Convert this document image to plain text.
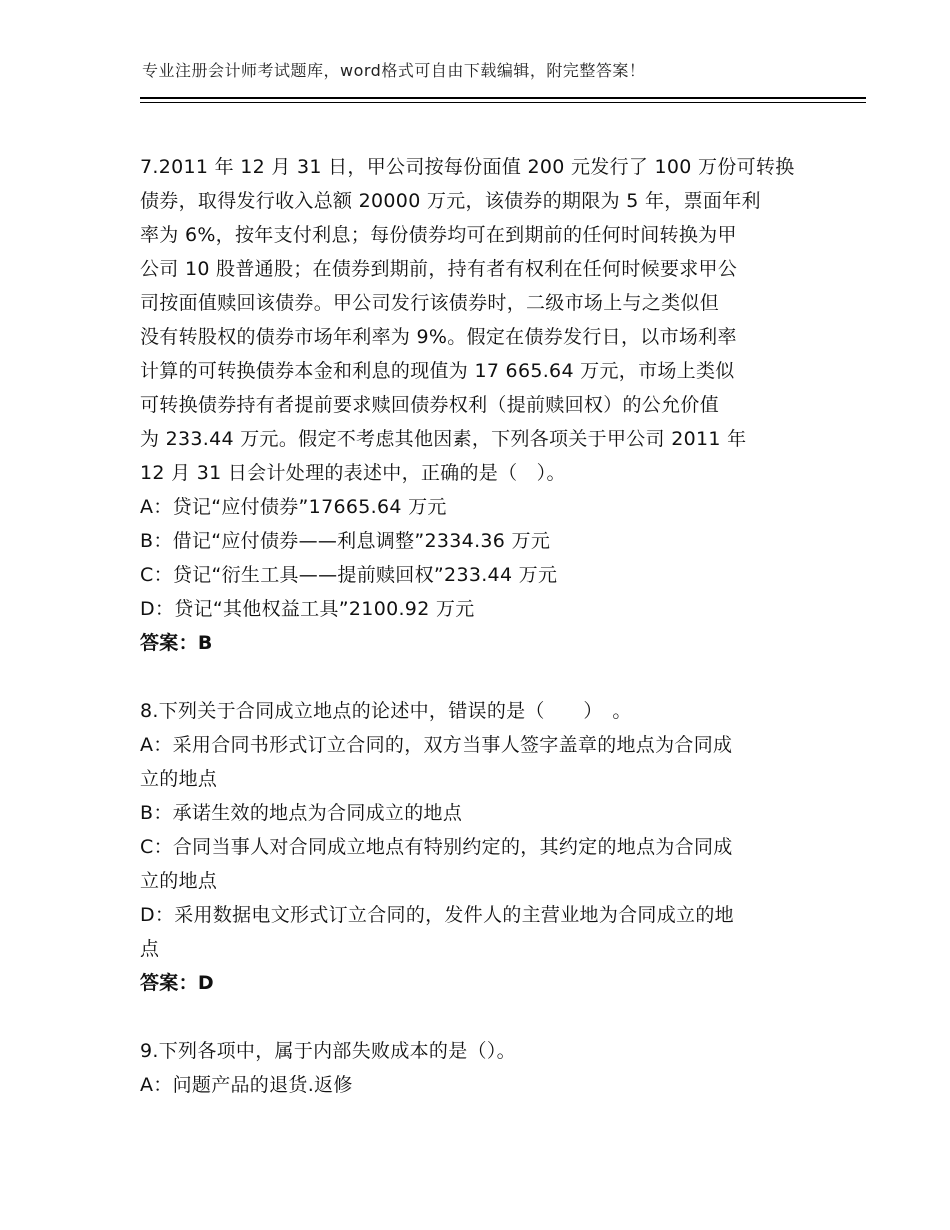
专业注册会计师考试题库，word格式可自由下载编辑，附完整答案！
7.2011 年 12 月 31 日，甲公司按每份面值 200 元发行了 100 万份可转换
债券，取得发行收入总额 20000 万元，该债券的期限为 5 年，票面年利
率为 6%，按年支付利息；每份债券均可在到期前的任何时间转换为甲
公司 10 股普通股；在债券到期前，持有者有权利在任何时候要求甲公
司按面值赎回该债券。甲公司发行该债券时，二级市场上与之类似但
没有转股权的债券市场年利率为 9%。假定在债券发行日，以市场利率
计算的可转换债券本金和利息的现值为 17 665.64 万元，市场上类似
可转换债券持有者提前要求赎回债券权利（提前赎回权）的公允价值
为 233.44 万元。假定不考虑其他因素，下列各项关于甲公司 2011 年
12 月 31 日会计处理的表述中，正确的是（　）。
A：贷记“应付债券”17665.64 万元
B：借记“应付债券——利息调整”2334.36 万元
C：贷记“衍生工具——提前赎回权”233.44 万元
D：贷记“其他权益工具”2100.92 万元
答案：B
8.下列关于合同成立地点的论述中，错误的是（　　）　。
A：采用合同书形式订立合同的，双方当事人签字盖章的地点为合同成
立的地点
B：承诺生效的地点为合同成立的地点
C：合同当事人对合同成立地点有特别约定的，其约定的地点为合同成
立的地点
D：采用数据电文形式订立合同的，发件人的主营业地为合同成立的地
点
答案：D
9.下列各项中，属于内部失败成本的是（）。
A：问题产品的退货.返修
